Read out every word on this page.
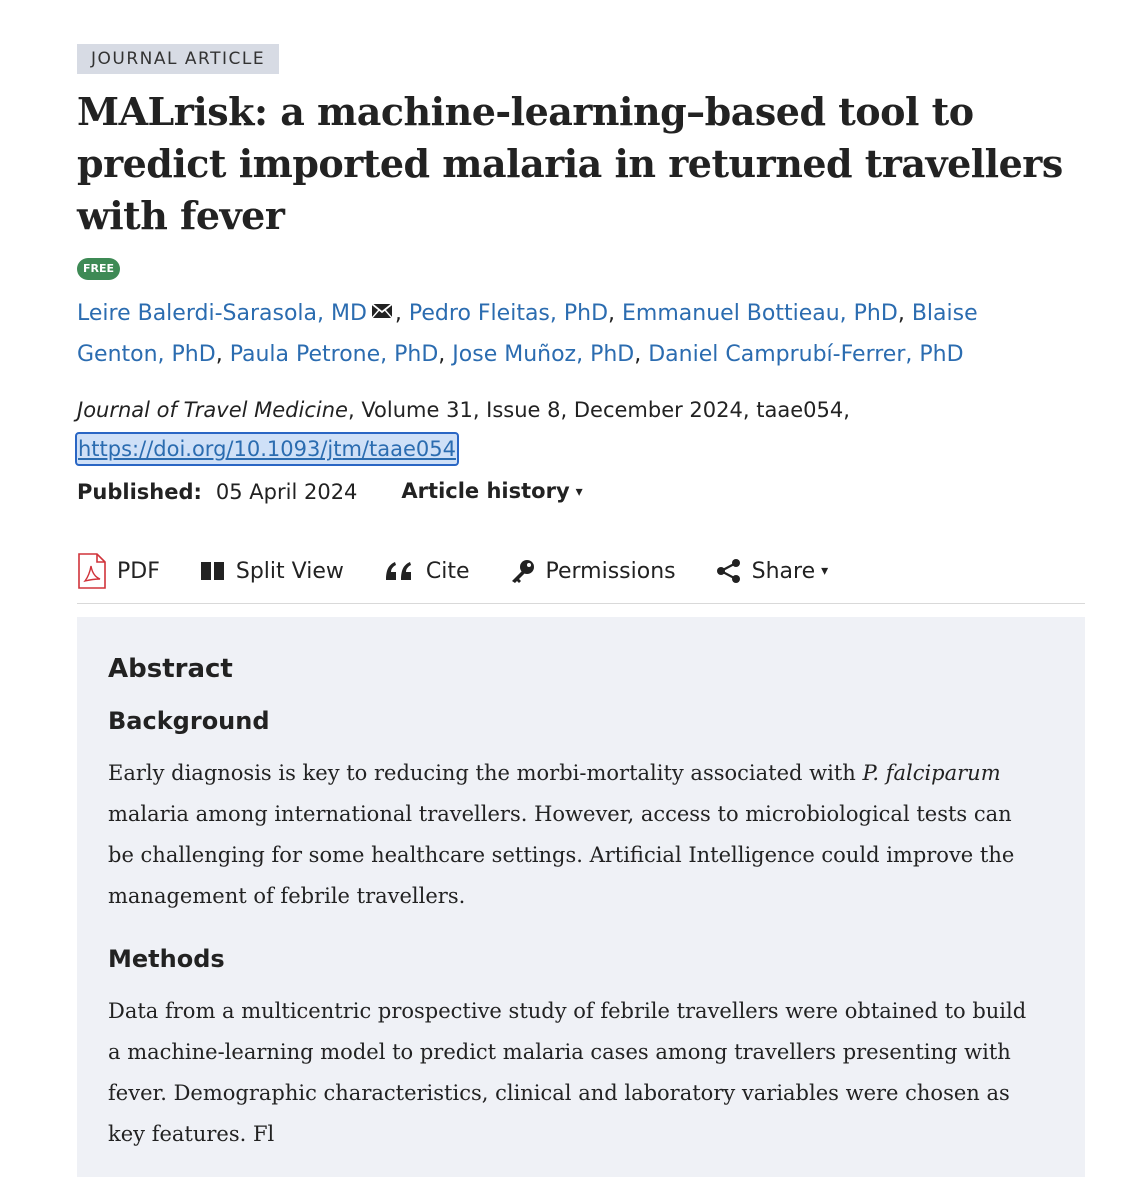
JOURNAL ARTICLE
MALrisk: a machine-learning–based tool to predict imported malaria in returned travellers with fever
FREE
Leire Balerdi-Sarasola, MD , Pedro Fleitas, PhD, Emmanuel Bottieau, PhD, Blaise Genton, PhD, Paula Petrone, PhD, Jose Muñoz, PhD, Daniel Camprubí-Ferrer, PhD
Journal of Travel Medicine, Volume 31, Issue 8, December 2024, taae054,
https://doi.org/10.1093/jtm/taae054
Published: 05 April 2024 Article history ▾
PDF	Split View	Cite	Permissions	Share ▾
Abstract
Background

Early diagnosis is key to reducing the morbi-mortality associated with P. falciparum malaria among international travellers. However, access to microbiological tests can be challenging for some healthcare settings. Artificial Intelligence could improve the management of febrile travellers.

Methods

Data from a multicentric prospective study of febrile travellers were obtained to build a machine-learning model to predict malaria cases among travellers presenting with fever. Demographic characteristics, clinical and laboratory variables were chosen as key features. Fl
